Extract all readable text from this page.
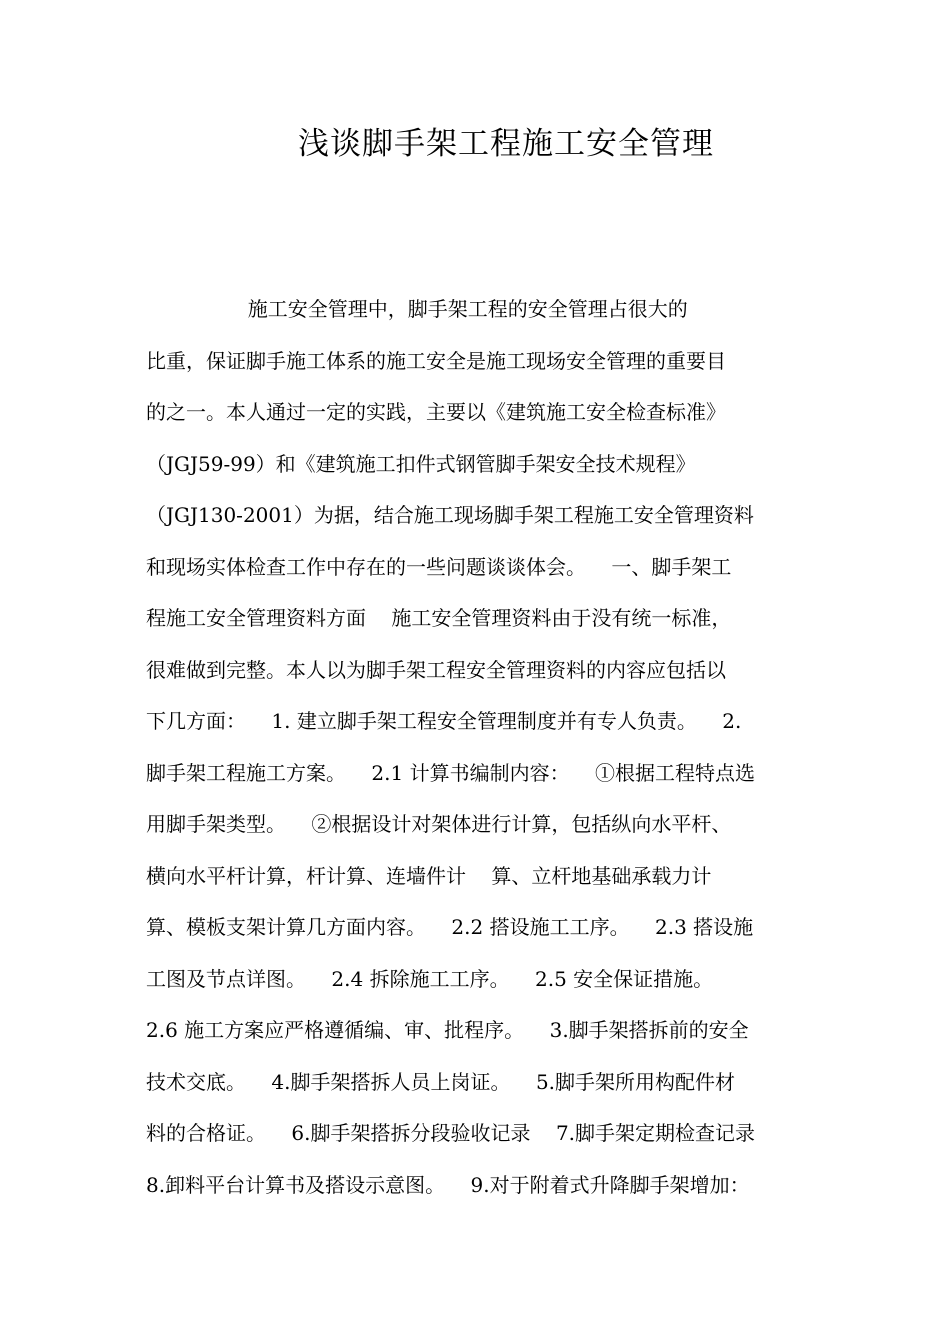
浅谈脚手架工程施工安全管理
施工安全管理中，脚手架工程的安全管理占很大的
比重，保证脚手施工体系的施工安全是施工现场安全管理的重要目
的之一。本人通过一定的实践，主要以《建筑施工安全检查标准》
（JGJ59-99）和《建筑施工扣件式钢管脚手架安全技术规程》
（JGJ130-2001）为据，结合施工现场脚手架工程施工安全管理资料
和现场实体检查工作中存在的一些问题谈谈体会。    一、脚手架工
程施工安全管理资料方面    施工安全管理资料由于没有统一标准，
很难做到完整。本人以为脚手架工程安全管理资料的内容应包括以
下几方面：    1. 建立脚手架工程安全管理制度并有专人负责。    2.
脚手架工程施工方案。    2.1 计算书编制内容：    ①根据工程特点选
用脚手架类型。    ②根据设计对架体进行计算，包括纵向水平杆、
横向水平杆计算，杆计算、连墙件计    算、立杆地基础承载力计
算、模板支架计算几方面内容。    2.2 搭设施工工序。    2.3 搭设施
工图及节点详图。    2.4 拆除施工工序。    2.5 安全保证措施。
2.6 施工方案应严格遵循编、审、批程序。    3.脚手架搭拆前的安全
技术交底。    4.脚手架搭拆人员上岗证。    5.脚手架所用构配件材
料的合格证。    6.脚手架搭拆分段验收记录    7.脚手架定期检查记录
8.卸料平台计算书及搭设示意图。    9.对于附着式升降脚手架增加：
